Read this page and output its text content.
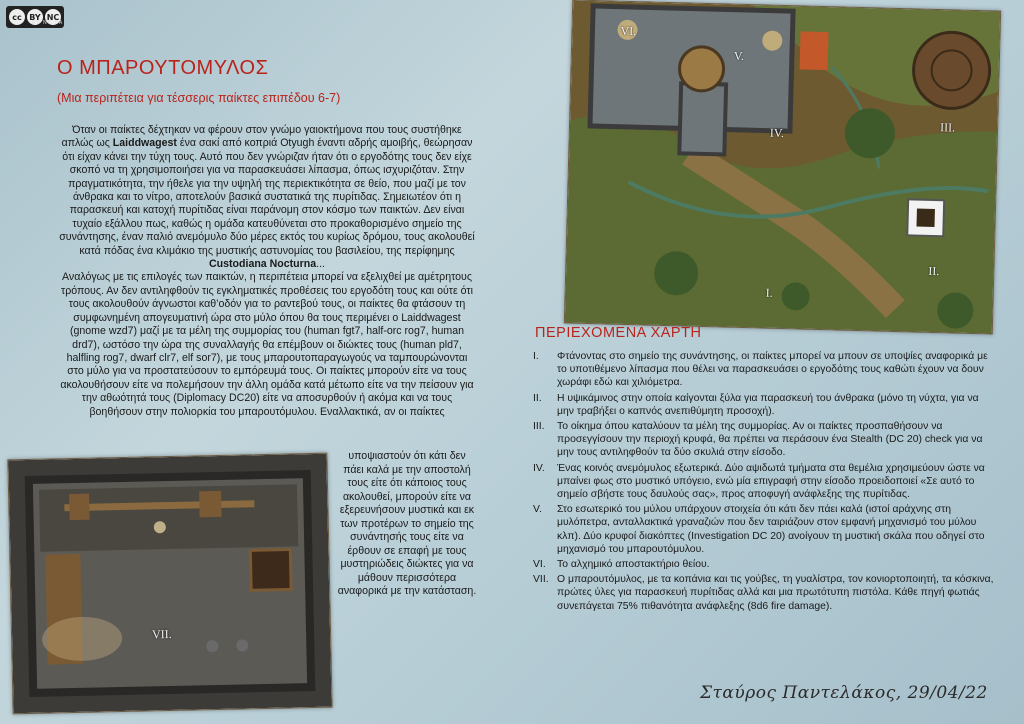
cc BY NC
BY NC SA
Ο ΜΠΑΡΟΥΤΟΜΥΛΟΣ
(Μια περιπέτεια για τέσσερις παίκτες επιπέδου 6-7)

Όταν οι παίκτες δέχτηκαν να φέρουν στον γνώμο γαιοκτήμονα που τους συστήθηκε απλώς ως Laiddwagest ένα σακί από κοπριά Otyugh έναντι αδρής αμοιβής, θεώρησαν ότι είχαν κάνει την τύχη τους. Αυτό που δεν γνώριζαν ήταν ότι ο εργοδότης τους δεν είχε σκοπό να τη χρησιμοποιήσει για να παρασκευάσει λίπασμα, όπως ισχυριζόταν. Στην πραγματικότητα, την ήθελε για την υψηλή της περιεκτικότητα σε θείο, που μαζί με τον άνθρακα και το νίτρο, αποτελούν βασικά συστατικά της πυρίτιδας. Σημειωτέον ότι η παρασκευή και κατοχή πυρίτιδας είναι παράνομη στον κόσμο των παικτών. Δεν είναι τυχαίο εξάλλου πως, καθώς η ομάδα κατευθύνεται στο προκαθορισμένο σημείο της συνάντησης, έναν παλιό ανεμόμυλο δύο μέρες εκτός του κυρίως δρόμου, τους ακολουθεί κατά πόδας ένα κλιμάκιο της μυστικής αστυνομίας του βασιλείου, της περίφημης Custodiana Nocturna...

Αναλόγως με τις επιλογές των παικτών, η περιπέτεια μπορεί να εξελιχθεί με αμέτρητους τρόπους. Αν δεν αντιληφθούν τις εγκληματικές προθέσεις του εργοδότη τους και ούτε ότι τους ακολουθούν άγνωστοι καθ’οδόν για το ραντεβού τους, οι παίκτες θα φτάσουν τη συμφωνημένη απογευματινή ώρα στο μύλο όπου θα τους περιμένει ο Laiddwagest (gnome wzd7) μαζί με τα μέλη της συμμορίας του (human fgt7, half-orc rog7, human drd7), ωστόσο την ώρα της συναλλαγής θα επέμβουν οι διώκτες τους (human pld7, halfling rog7, dwarf clr7, elf sor7), με τους μπαρουτοπαραγωγούς να ταμπουρώνονται στο μύλο για να προστατεύσουν το εμπόρευμά τους. Οι παίκτες μπορούν είτε να τους ακολουθήσουν είτε να πολεμήσουν την άλλη ομάδα κατά μέτωπο είτε να την πείσουν για την αθωότητά τους (Diplomacy DC20) είτε να αποσυρθούν ή ακόμα και να τους βοηθήσουν στην πολιορκία του μπαρουτόμυλου. Εναλλακτικά, αν οι παίκτες

υποψιαστούν ότι κάτι δεν πάει καλά με την αποστολή τους είτε ότι κάποιος τους ακολουθεί, μπορούν είτε να εξερευνήσουν μυστικά και εκ των προτέρων το σημείο της συνάντησής τους είτε να έρθουν σε επαφή με τους μυστηριώδεις διώκτες για να μάθουν περισσότερα αναφορικά με την κατάσταση.
VI.
V.
IV.	III.
II.
I.
VII.
ΠΕΡΙΕΧΟΜΕΝΑ ΧΑΡΤΗ
I.	Φτάνοντας στο σημείο της συνάντησης, οι παίκτες μπορεί να μπουν σε υποψίες αναφορικά με το υποτιθέμενο λίπασμα που θέλει να παρασκευάσει ο εργοδότης τους καθώτι έχουν να δουν χωράφι εδώ και χιλιόμετρα.
II.	Η υψικάμινος στην οποία καίγονται ξύλα για παρασκευή του άνθρακα (μόνο τη νύχτα, για να μην τραβήξει ο καπνός ανεπιθύμητη προσοχή).
III.	Το οίκημα όπου καταλύουν τα μέλη της συμμορίας. Αν οι παίκτες προσπαθήσουν να προσεγγίσουν την περιοχή κρυφά, θα πρέπει να περάσουν ένα Stealth (DC 20) check για να μην τους αντιληφθούν τα δύο σκυλιά στην είσοδο.
IV.	Ένας κοινός ανεμόμυλος εξωτερικά. Δύο αψιδωτά τμήματα στα θεμέλια χρησιμεύουν ώστε να μπαίνει φως στο μυστικό υπόγειο, ενώ μία επιγραφή στην είσοδο προειδοποιεί «Σε αυτό το σημείο σβήστε τους δαυλούς σας», προς αποφυγή ανάφλεξης της πυρίτιδας.
V.	Στο εσωτερικό του μύλου υπάρχουν στοιχεία ότι κάτι δεν πάει καλά (ιστοί αράχνης στη μυλόπετρα, ανταλλακτικά γραναζιών που δεν ταιριάζουν στον εμφανή μηχανισμό του μύλου κλπ). Δύο κρυφοί διακόπτες (Investigation DC 20) ανοίγουν τη μυστική σκάλα που οδηγεί στο μηχανισμό του μπαρουτόμυλου.
VI.	Το αλχημικό αποστακτήριο θείου.
VII. Ο μπαρουτόμυλος, με τα κοπάνια και τις γούβες, τη γυαλίστρα, τον κονιορτοποιητή, τα κόσκινα, πρώτες ύλες για παρασκευή πυρίτιδας αλλά και μια πρωτότυπη πιστόλα. Κάθε πηγή φωτιάς συνεπάγεται 75% πιθανότητα ανάφλεξης (8d6 fire damage).
Σταύρος Παντελάκος, 29/04/22
